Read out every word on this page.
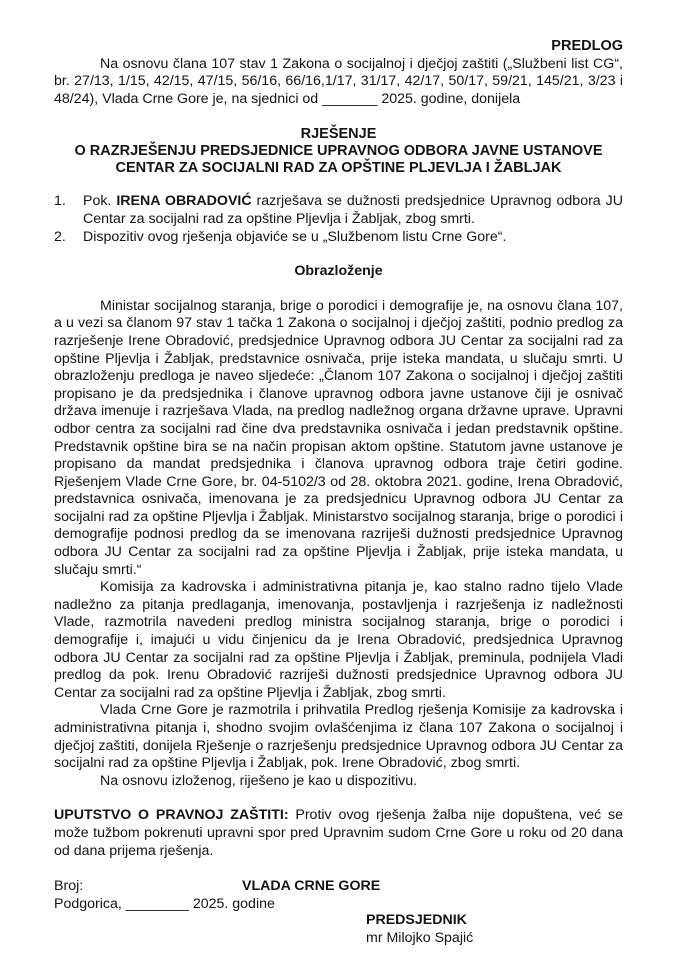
PREDLOG

Na osnovu člana 107 stav 1 Zakona o socijalnoj i dječjoj zaštiti („Službeni list CG“, br. 27/13, 1/15, 42/15, 47/15, 56/16, 66/16,1/17, 31/17, 42/17, 50/17, 59/21, 145/21, 3/23 i 48/24), Vlada Crne Gore je, na sjednici od _______ 2025. godine, donijela

RJEŠENJE
O RAZRJEŠENJU PREDSJEDNICE UPRAVNOG ODBORA JAVNE USTANOVE
CENTAR ZA SOCIJALNI RAD ZA OPŠTINE PLJEVLJA I ŽABLJAK
1. Pok. IRENA OBRADOVIĆ razrješava se dužnosti predsjednice Upravnog odbora JU Centar za socijalni rad za opštine Pljevlja i Žabljak, zbog smrti.
2. Dispozitiv ovog rješenja objaviće se u „Službenom listu Crne Gore“.

Obrazloženje

Ministar socijalnog staranja, brige o porodici i demografije je, na osnovu člana 107, a u vezi sa članom 97 stav 1 tačka 1 Zakona o socijalnoj i dječjoj zaštiti, podnio predlog za razrješenje Irene Obradović, predsjednice Upravnog odbora JU Centar za socijalni rad za opštine Pljevlja i Žabljak, predstavnice osnivača, prije isteka mandata, u slučaju smrti. U obrazloženju predloga je naveo sljedeće: „Članom 107 Zakona o socijalnoj i dječjoj zaštiti propisano je da predsjednika i članove upravnog odbora javne ustanove čiji je osnivač država imenuje i razrješava Vlada, na predlog nadležnog organa državne uprave. Upravni odbor centra za socijalni rad čine dva predstavnika osnivača i jedan predstavnik opštine. Predstavnik opštine bira se na način propisan aktom opštine. Statutom javne ustanove je propisano da mandat predsjednika i članova upravnog odbora traje četiri godine. Rješenjem Vlade Crne Gore, br. 04-5102/3 od 28. oktobra 2021. godine, Irena Obradović, predstavnica osnivača, imenovana je za predsjednicu Upravnog odbora JU Centar za socijalni rad za opštine Pljevlja i Žabljak. Ministarstvo socijalnog staranja, brige o porodici i demografije podnosi predlog da se imenovana razriješi dužnosti predsjednice Upravnog odbora JU Centar za socijalni rad za opštine Pljevlja i Žabljak, prije isteka mandata, u slučaju smrti.“

Komisija za kadrovska i administrativna pitanja je, kao stalno radno tijelo Vlade nadležno za pitanja predlaganja, imenovanja, postavljenja i razrješenja iz nadležnosti Vlade, razmotrila navedeni predlog ministra socijalnog staranja, brige o porodici i demografije i, imajući u vidu činjenicu da je Irena Obradović, predsjednica Upravnog odbora JU Centar za socijalni rad za opštine Pljevlja i Žabljak, preminula, podnijela Vladi predlog da pok. Irenu Obradović razriješi dužnosti predsjednice Upravnog odbora JU Centar za socijalni rad za opštine Pljevlja i Žabljak, zbog smrti.

Vlada Crne Gore je razmotrila i prihvatila Predlog rješenja Komisije za kadrovska i administrativna pitanja i, shodno svojim ovlašćenjima iz člana 107 Zakona o socijalnoj i dječjoj zaštiti, donijela Rješenje o razrješenju predsjednice Upravnog odbora JU Centar za socijalni rad za opštine Pljevlja i Žabljak, pok. Irene Obradović, zbog smrti.

Na osnovu izloženog, riješeno je kao u dispozitivu.

UPUTSTVO O PRAVNOJ ZAŠTITI: Protiv ovog rješenja žalba nije dopuštena, već se može tužbom pokrenuti upravni spor pred Upravnim sudom Crne Gore u roku od 20 dana od dana prijema rješenja.

Broj:

Podgorica, ________ 2025. godine

VLADA CRNE GORE
PREDSJEDNIK
mr Milojko Spajić
